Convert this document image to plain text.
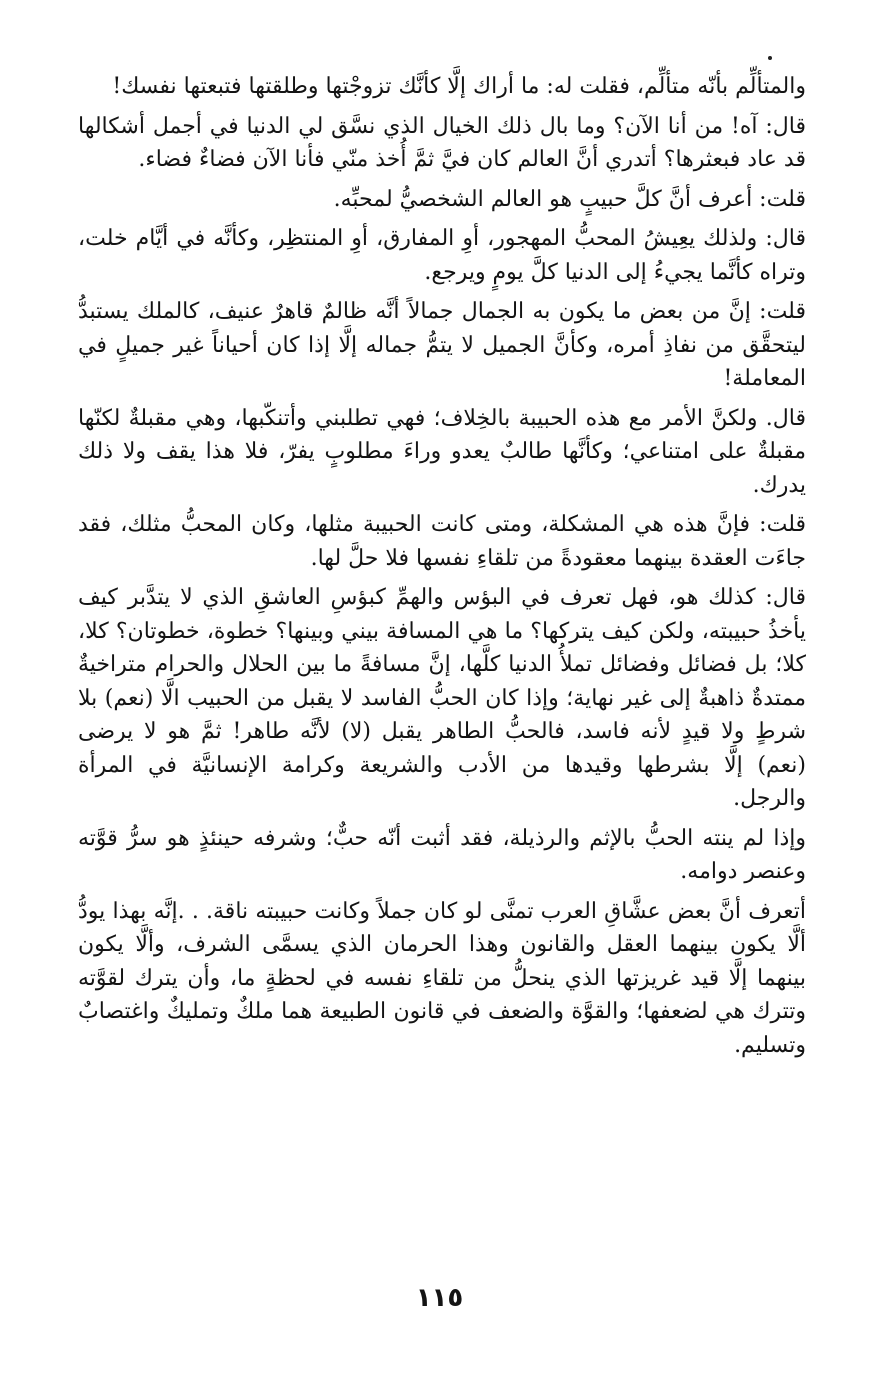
والمتألِّم بأنّه متألِّم، فقلت له: ما أراك إلَّا كأنَّك تزوجْتها وطلقتها فتبعتها نفسك!

قال: آه! من أنا الآن؟ وما بال ذلك الخيال الذي نسَّق لي الدنيا في أجمل أشكالها قد عاد فبعثرها؟ أتدري أنَّ العالم كان فيَّ ثمَّ أُخذ منّي فأنا الآن فضاءٌ فضاء.

قلت: أعرف أنَّ كلَّ حبيبٍ هو العالم الشخصيُّ لمحبِّه.

قال: ولذلك يعِيشُ المحبُّ المهجور، أوِ المفارق، أوِ المنتظِر، وكأنَّه في أيَّام خلت، وتراه كأنَّما يجيءُ إلى الدنيا كلَّ يومٍ ويرجع.

قلت: إنَّ من بعض ما يكون به الجمال جمالاً أنَّه ظالمٌ قاهرٌ عنيف، كالملك يستبدُّ ليتحقَّق من نفاذِ أمره، وكأنَّ الجميل لا يتمُّ جماله إلَّا إذا كان أحياناً غير جميلٍ في المعاملة!

قال. ولكنَّ الأمر مع هذه الحبيبة بالخِلاف؛ فهي تطلبني وأتنكّبها، وهي مقبلةٌ لكنّها مقبلةٌ على امتناعي؛ وكأنَّها طالبٌ يعدو وراءَ مطلوبٍ يفرّ، فلا هذا يقف ولا ذلك يدرك.

قلت: فإنَّ هذه هي المشكلة، ومتى كانت الحبيبة مثلها، وكان المحبُّ مثلك، فقد جاءَت العقدة بينهما معقودةً من تلقاءِ نفسها فلا حلَّ لها.

قال: كذلك هو، فهل تعرف في البؤس والهمِّ كبؤسِ العاشقِ الذي لا يتدَّبر كيف يأخذُ حبيبته، ولكن كيف يتركها؟ ما هي المسافة بيني وبينها؟ خطوة، خطوتان؟ كلا، كلا؛ بل فضائل وفضائل تملأُ الدنيا كلَّها، إنَّ مسافةً ما بين الحلال والحرام متراخيةٌ ممتدةٌ ذاهبةٌ إلى غير نهاية؛ وإذا كان الحبُّ الفاسد لا يقبل من الحبيب الَّا (نعم) بلا شرطٍ ولا قيدٍ لأنه فاسد، فالحبُّ الطاهر يقبل (لا) لأنَّه طاهر! ثمَّ هو لا يرضى (نعم) إلَّا بشرطها وقيدها من الأدب والشريعة وكرامة الإنسانيَّة في المرأة والرجل.

وإذا لم ينته الحبُّ بالإثم والرذيلة، فقد أثبت أنّه حبٌّ؛ وشرفه حينئذٍ هو سرُّ قوَّته وعنصر دوامه.

أتعرف أنَّ بعض عشَّاقِ العرب تمنَّى لو كان جملاً وكانت حبيبته ناقة. . .إنَّه بهذا يودُّ ألَّا يكون بينهما العقل والقانون وهذا الحرمان الذي يسمَّى الشرف، وألَّا يكون بينهما إلَّا قيد غريزتها الذي ينحلُّ من تلقاءِ نفسه في لحظةٍ ما، وأن يترك لقوَّته وتترك هي لضعفها؛ والقوَّة والضعف في قانون الطبيعة هما ملكٌ وتمليكٌ واغتصابٌ وتسليم.

١١٥
